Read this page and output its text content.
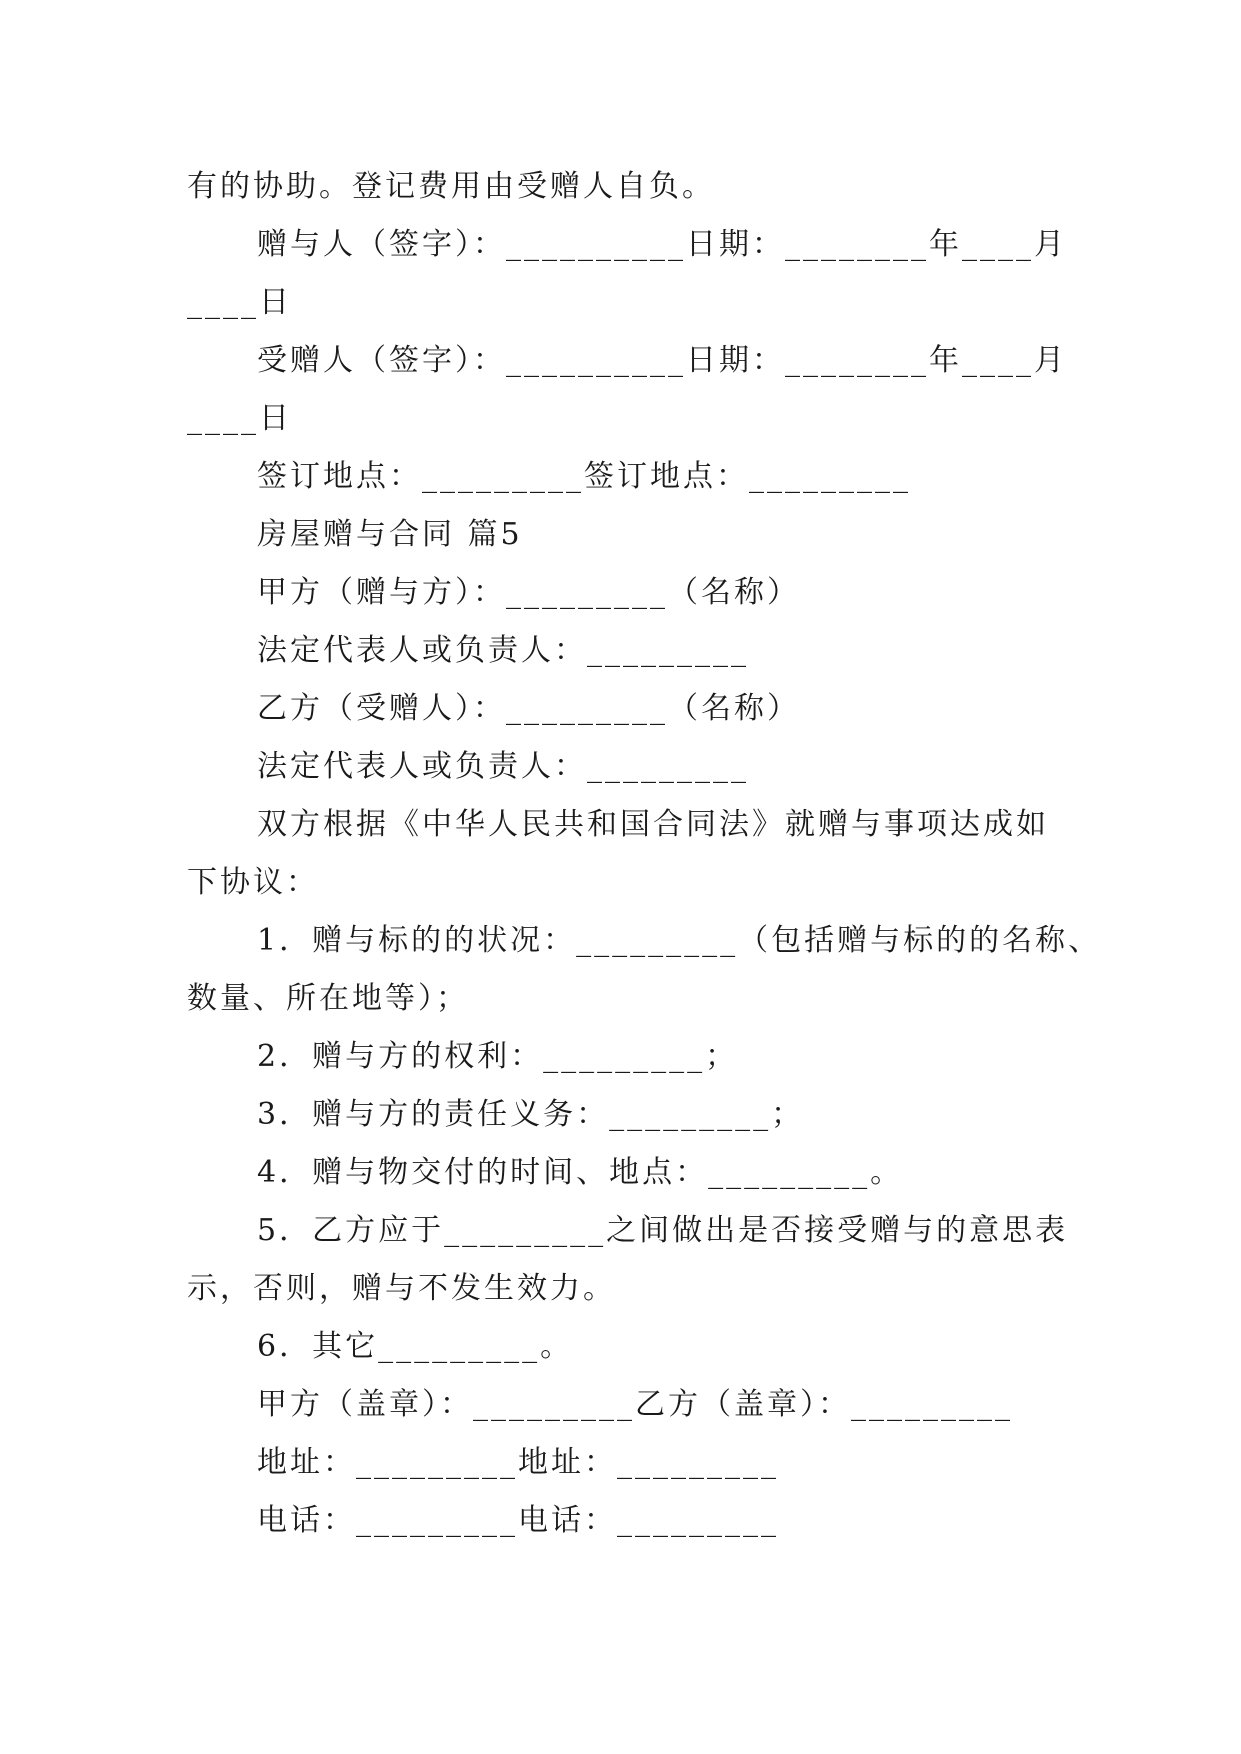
有的协助。登记费用由受赠人自负。
赠与人（签字）：__________日期：________年____月
____日
受赠人（签字）：__________日期：________年____月
____日
签订地点：_________签订地点：_________
房屋赠与合同 篇5
甲方（赠与方）：_________（名称）
法定代表人或负责人：_________
乙方（受赠人）：_________（名称）
法定代表人或负责人：_________
双方根据《中华人民共和国合同法》就赠与事项达成如
下协议：
1．赠与标的的状况：_________（包括赠与标的的名称、
数量、所在地等）；
2．赠与方的权利：_________；
3．赠与方的责任义务：_________；
4．赠与物交付的时间、地点：_________。
5．乙方应于_________之间做出是否接受赠与的意思表
示，否则，赠与不发生效力。
6．其它_________。
甲方（盖章）：_________乙方（盖章）：_________
地址：_________地址：_________
电话：_________电话：_________
